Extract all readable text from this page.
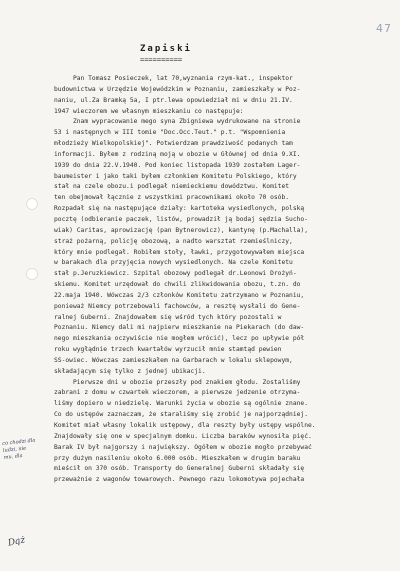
47
Zapiski
==========
Pan Tomasz Posieczek, lat 70,wyznania rzym-kat., inspektor
budownictwa w Urzędzie Wojewódzkim w Poznaniu, zamieszkały w Poz-
naniu, ul.Za Bramką 5a, I ptr.lewa opowiedział mi w dniu 21.IV.
1947 wieczorem we własnym mieszkaniu co następuje:
Znam wypracowanie mego syna Zbigniewa wydrukowane na stronie
53 i następnych w III tomie "Doc.Occ.Teut." p.t. "Wspomnienia
młodzieży Wielkopolskiej". Potwierdzam prawdziwość podanych tam
informacji. Byłem z rodziną moją w obozie w Głównej od dnia 9.XI.
1939 do dnia 22.V.1940. Pod koniec listopada 1939 zostałem Lager-
baumeister i jako taki byłem członkiem Komitetu Polskiego, który
stał na czele obozu.i podlegał niemieckiemu dowództwu. Komitet
ten obejmował łącznie z wszystkimi pracownikami około 70 osób.
Rozpadał się na następujące działy: kartoteka wysiedlonych, polską
pocztę (odbieranie paczek, listów, prowadził ją bodaj sędzia Sucho-
wiak) Caritas, aprowizację (pan Bytnerowicz), kantynę (p.Machalla),
straż pożarną, policję obozową, a nadto warsztat rzemieślniczy,
który mnie podlegał. Robiłem stoły, ławki, przygotowywałem miejsca
w barakach dla przyjęcia nowych wysiedlonych. Na czele Komitetu
stał p.Jeruzkiewicz. Szpital obozowy podlegał dr.Leonowi Drożyń-
skiemu. Komitet urzędował do chwili zlikwidowania obozu, t.zn. do
22.maja 1940. Wówczas 2/3 członków Komitetu zatrzymano w Poznaniu,
ponieważ Niemcy potrzebowali fachowców, a resztę wysłali do Gene-
ralnej Guberni. Znajdowałem się wśród tych który pozostali w
Poznaniu. Niemcy dali mi najpierw mieszkanie na Piekarach (do daw-
nego mieszkania oczywiście nie mogłem wrócić), lecz po upływie pół
roku wygłądnie trzech kwartałów wyrzucił mnie stamtąd pewien
SS-owiec. Wówczas zamieszkałem na Garbarach w lokalu sklepowym,
składającym się tylko z jednej ubikacji.
Pierwsze dni w obozie przeszły pod znakiem głodu. Zostaliśmy
zabrani z domu w czwartek wieczorem, a pierwsze jedzenie otrzyma-
liśmy dopiero w niedzielę. Warunki życia w obozie są ogólnie znane.
Co do ustępów zaznaczam, że staraliśmy się zrobić je najporządniej.
Komitet miał własny lokalik ustępowy, dla reszty były ustępy wspólne.
Znajdowały się one w specjalnym domku. Liczba baraków wynosiła pięć.
Barak IV był najgorszy i największy. Ogółem w obozie mogło przebywać
przy dużym nasileniu około 6.000 osób. Mieszkałem w drugim baraku
mieścił on 370 osób. Transporty do Generalnej Guberni składały się
przeważnie z wagonów towarowych. Pewnego razu lokomotywa pojechała
co chodzi dla
ludzi, nie
mu, dla
Dąż
